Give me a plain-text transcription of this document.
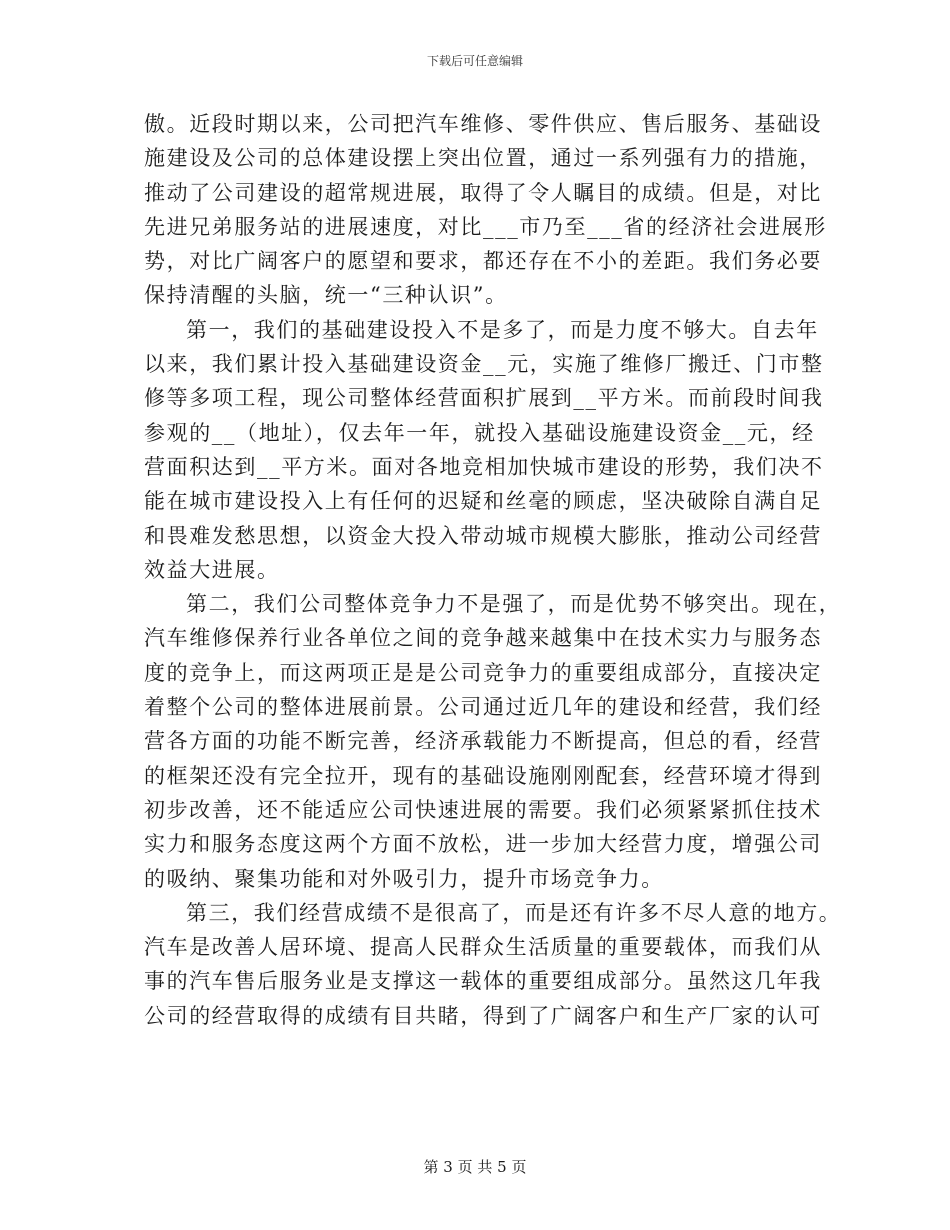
下载后可任意编辑
傲。近段时期以来，公司把汽车维修、零件供应、售后服务、基础设
施建设及公司的总体建设摆上突出位置，通过一系列强有力的措施，
推动了公司建设的超常规进展，取得了令人瞩目的成绩。但是，对比
先进兄弟服务站的进展速度，对比___市乃至___省的经济社会进展形
势，对比广阔客户的愿望和要求，都还存在不小的差距。我们务必要
保持清醒的头脑，统一“三种认识”。
第一，我们的基础建设投入不是多了，而是力度不够大。自去年
以来，我们累计投入基础建设资金__元，实施了维修厂搬迁、门市整
修等多项工程，现公司整体经营面积扩展到__平方米。而前段时间我
参观的__（地址），仅去年一年，就投入基础设施建设资金__元，经
营面积达到__平方米。面对各地竞相加快城市建设的形势，我们决不
能在城市建设投入上有任何的迟疑和丝毫的顾虑，坚决破除自满自足
和畏难发愁思想，以资金大投入带动城市规模大膨胀，推动公司经营
效益大进展。
第二，我们公司整体竞争力不是强了，而是优势不够突出。现在，
汽车维修保养行业各单位之间的竞争越来越集中在技术实力与服务态
度的竞争上，而这两项正是是公司竞争力的重要组成部分，直接决定
着整个公司的整体进展前景。公司通过近几年的建设和经营，我们经
营各方面的功能不断完善，经济承载能力不断提高，但总的看，经营
的框架还没有完全拉开，现有的基础设施刚刚配套，经营环境才得到
初步改善，还不能适应公司快速进展的需要。我们必须紧紧抓住技术
实力和服务态度这两个方面不放松，进一步加大经营力度，增强公司
的吸纳、聚集功能和对外吸引力，提升市场竞争力。
第三，我们经营成绩不是很高了，而是还有许多不尽人意的地方。
汽车是改善人居环境、提高人民群众生活质量的重要载体，而我们从
事的汽车售后服务业是支撑这一载体的重要组成部分。虽然这几年我
公司的经营取得的成绩有目共睹，得到了广阔客户和生产厂家的认可
第 3 页 共 5 页
